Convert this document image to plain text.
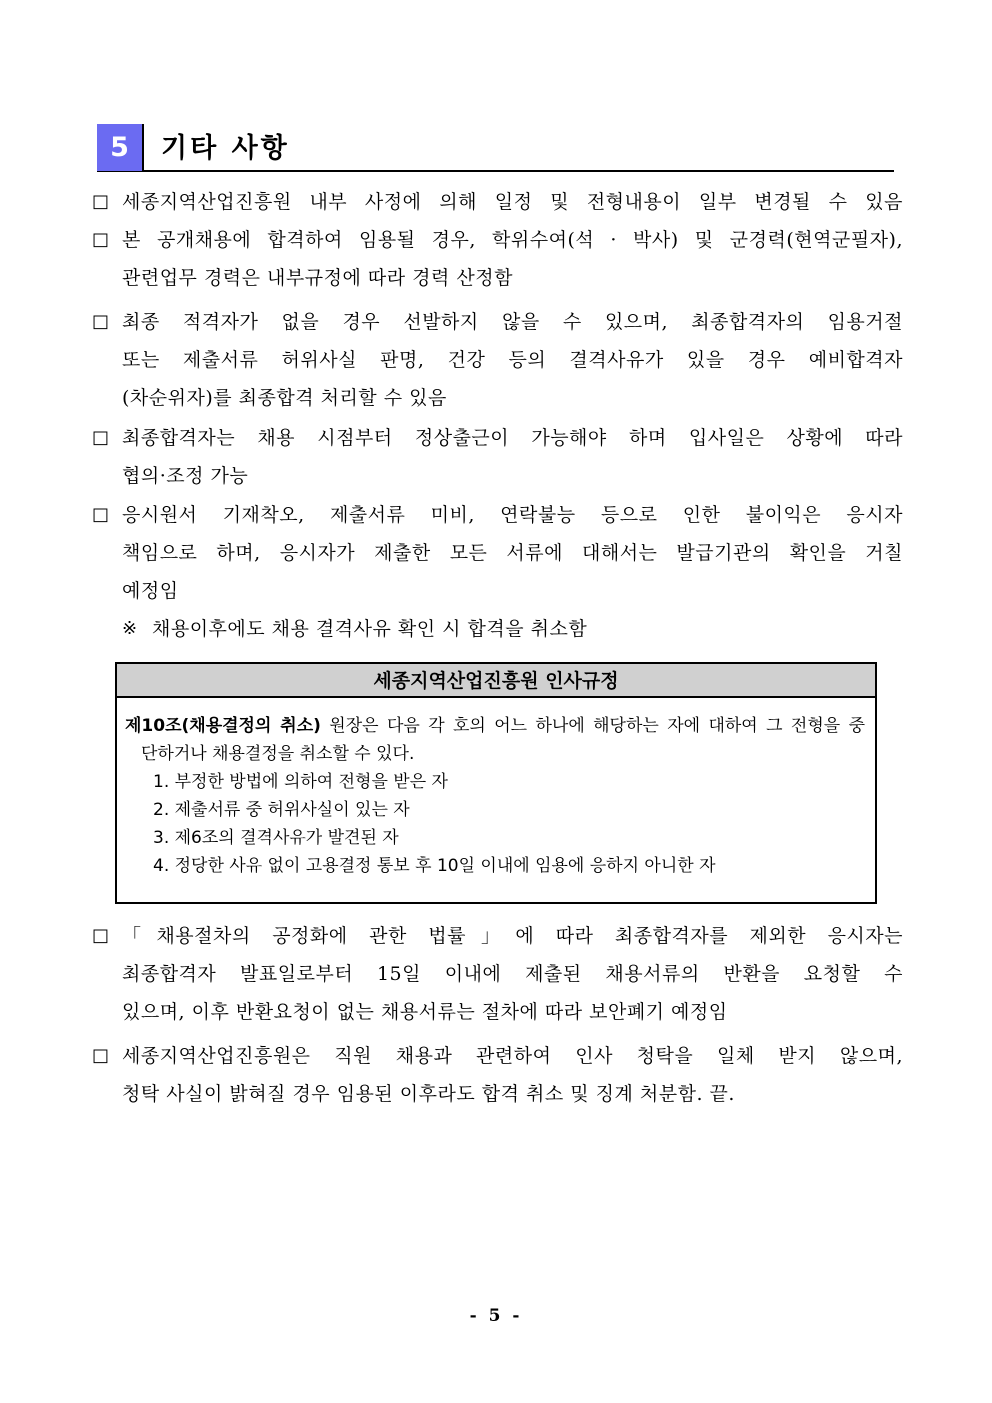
5	기타 사항
□ 세종지역산업진흥원 내부 사정에 의해 일정 및 전형내용이 일부 변경될 수 있음
□ 본 공개채용에 합격하여 임용될 경우, 학위수여(석 · 박사) 및 군경력(현역군필자),
관련업무 경력은 내부규정에 따라 경력 산정함
□ 최종 적격자가 없을 경우 선발하지 않을 수 있으며, 최종합격자의 임용거절
또는 제출서류 허위사실 판명, 건강 등의 결격사유가 있을 경우 예비합격자
(차순위자)를 최종합격 처리할 수 있음
□ 최종합격자는 채용 시점부터 정상출근이 가능해야 하며 입사일은 상황에 따라
협의·조정 가능
□ 응시원서 기재착오, 제출서류 미비, 연락불능 등으로 인한 불이익은 응시자
책임으로 하며, 응시자가 제출한 모든 서류에 대해서는 발급기관의 확인을 거칠
예정임
※ 채용이후에도 채용 결격사유 확인 시 합격을 취소함
세종지역산업진흥원 인사규정
제10조(채용결정의 취소) 원장은 다음 각 호의 어느 하나에 해당하는 자에 대하여 그 전형을 중
단하거나 채용결정을 취소할 수 있다.
1. 부정한 방법에 의하여 전형을 받은 자
2. 제출서류 중 허위사실이 있는 자
3. 제6조의 결격사유가 발견된 자
4. 정당한 사유 없이 고용결정 통보 후 10일 이내에 임용에 응하지 아니한 자
□ 「채용절차의 공정화에 관한 법률」에 따라 최종합격자를 제외한 응시자는
최종합격자 발표일로부터 15일 이내에 제출된 채용서류의 반환을 요청할 수
있으며, 이후 반환요청이 없는 채용서류는 절차에 따라 보안폐기 예정임
□ 세종지역산업진흥원은 직원 채용과 관련하여 인사 청탁을 일체 받지 않으며,
청탁 사실이 밝혀질 경우 임용된 이후라도 합격 취소 및 징계 처분함. 끝.
- 5 -
